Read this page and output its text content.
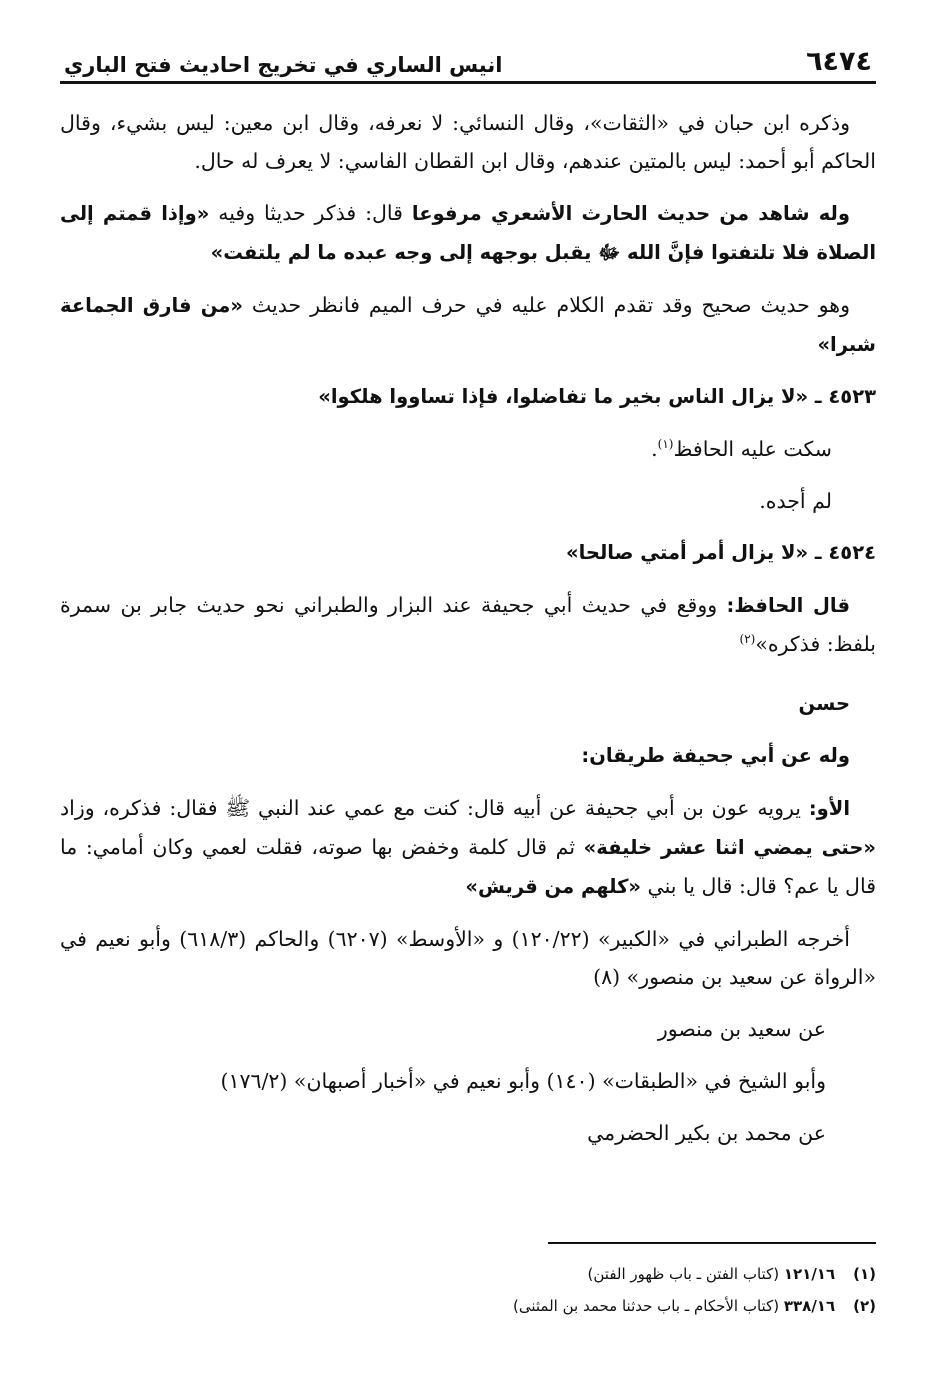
٦٤٧٤
انيس الساري في تخريج احاديث فتح الباري

وذكره ابن حبان في «الثقات»، وقال النسائي: لا نعرفه، وقال ابن معين: ليس بشيء، وقال الحاكم أبو أحمد: ليس بالمتين عندهم، وقال ابن القطان الفاسي: لا يعرف له حال.

وله شاهد من حديث الحارث الأشعري مرفوعا قال: فذكر حديثا وفيه «وإذا قمتم إلى الصلاة فلا تلتفتوا فإنَّ الله ﷻ يقبل بوجهه إلى وجه عبده ما لم يلتفت»

وهو حديث صحيح وقد تقدم الكلام عليه في حرف الميم فانظر حديث «من فارق الجماعة شبرا»

٤٥٢٣ ـ «لا يزال الناس بخير ما تفاضلوا، فإذا تساووا هلكوا»

سكت عليه الحافظ$^{(١)}$.

لم أجده.

٤٥٢٤ ـ «لا يزال أمر أمتي صالحا»

قال الحافظ: ووقع في حديث أبي جحيفة عند البزار والطبراني نحو حديث جابر بن سمرة بلفظ: فذكره»$^{(٢)}$

حسن

وله عن أبي جحيفة طريقان:

الأو: يرويه عون بن أبي جحيفة عن أبيه قال: كنت مع عمي عند النبي ﷺ فقال: فذكره، وزاد «حتى يمضي اثنا عشر خليفة» ثم قال كلمة وخفض بها صوته، فقلت لعمي وكان أمامي: ما قال يا عم؟ قال: قال يا بني «كلهم من قريش»

أخرجه الطبراني في «الكبير» (١٢٠/٢٢) و «الأوسط» (٦٢٠٧) والحاكم (٦١٨/٣) وأبو نعيم في «الرواة عن سعيد بن منصور» (٨)

عن سعيد بن منصور

وأبو الشيخ في «الطبقات» (١٤٠) وأبو نعيم في «أخبار أصبهان» (١٧٦/٢)

عن محمد بن بكير الحضرمي

(١)
١٢١/١٦ (كتاب الفتن ـ باب ظهور الفتن)
(٢)
٣٣٨/١٦ (كتاب الأحكام ـ باب حدثنا محمد بن المثنى)
